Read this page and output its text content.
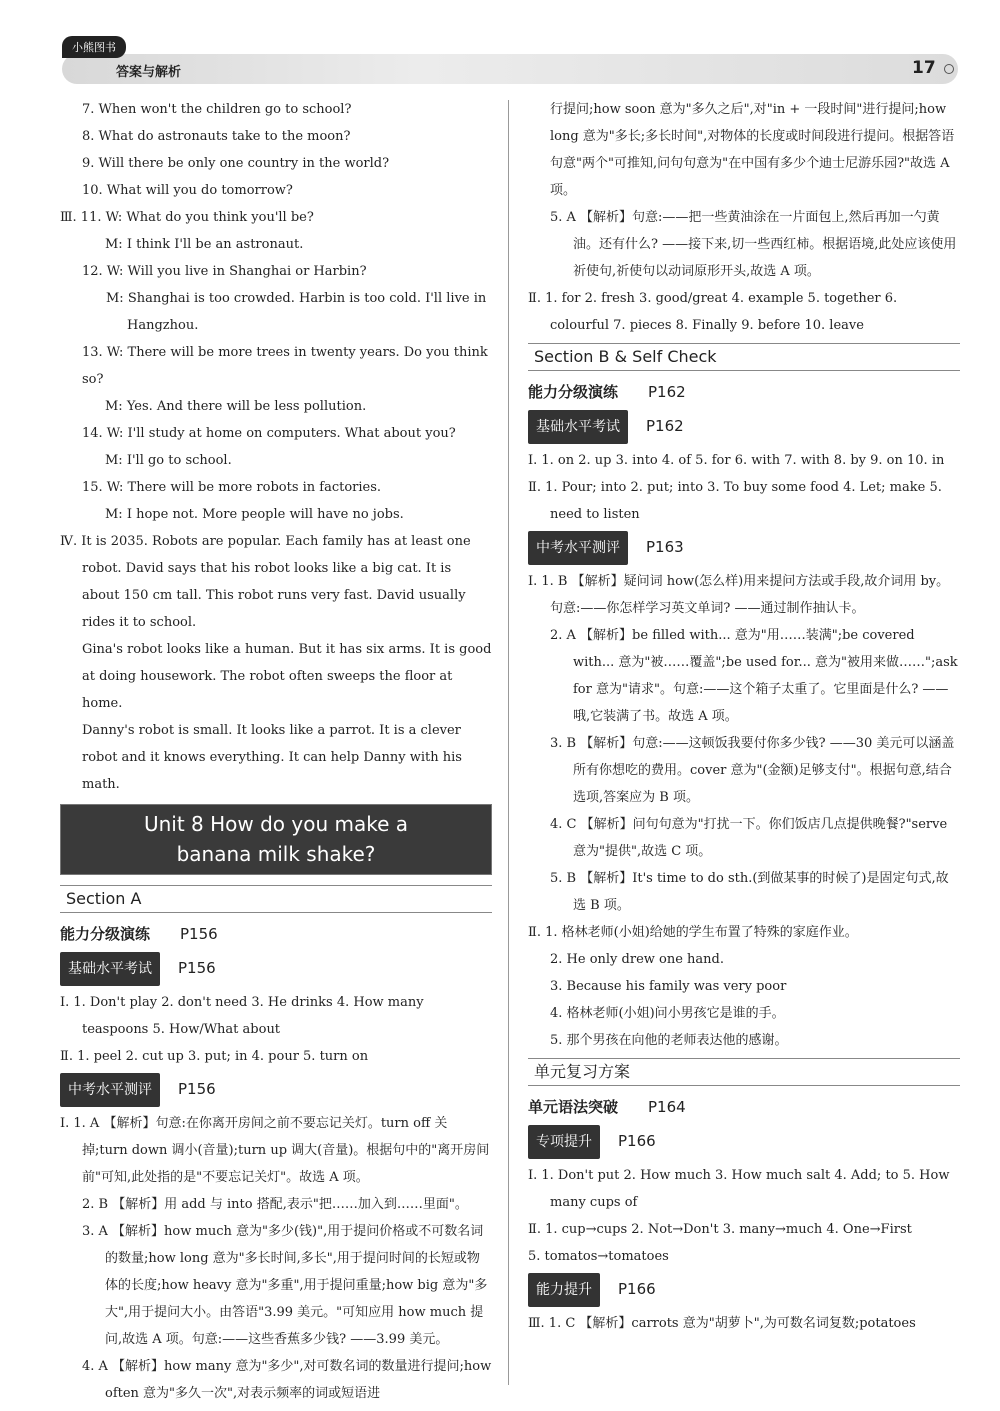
小熊图书
答案与解析	17
7. When won't the children go to school?
8. What do astronauts take to the moon?
9. Will there be only one country in the world?
10. What will you do tomorrow?
Ⅲ. 11. W: What do you think you'll be?
M: I think I'll be an astronaut.
12. W: Will you live in Shanghai or Harbin?
M: Shanghai is too crowded. Harbin is too cold. I'll live in Hangzhou.
13. W: There will be more trees in twenty years. Do you think so?
M: Yes. And there will be less pollution.
14. W: I'll study at home on computers. What about you?
M: I'll go to school.
15. W: There will be more robots in factories.
M: I hope not. More people will have no jobs.
Ⅳ. It is 2035. Robots are popular. Each family has at least one robot. David says that his robot looks like a big cat. It is about 150 cm tall. This robot runs very fast. David usually rides it to school.
Gina's robot looks like a human. But it has six arms. It is good at doing housework. The robot often sweeps the floor at home.
Danny's robot is small. It looks like a parrot. It is a clever robot and it knows everything. It can help Danny with his math.
Unit 8 How do you make a
banana milk shake?
Section A
能力分级演练 P156
基础水平考试 P156
Ⅰ. 1. Don't play 2. don't need 3. He drinks 4. How many teaspoons 5. How/What about
Ⅱ. 1. peel 2. cut up 3. put; in 4. pour 5. turn on
中考水平测评 P156
Ⅰ. 1. A 【解析】句意:在你离开房间之前不要忘记关灯。turn off 关掉;turn down 调小(音量);turn up 调大(音量)。根据句中的"离开房间前"可知,此处指的是"不要忘记关灯"。故选 A 项。
2. B 【解析】用 add 与 into 搭配,表示"把……加入到……里面"。
3. A 【解析】how much 意为"多少(钱)",用于提问价格或不可数名词的数量;how long 意为"多长时间,多长",用于提问时间的长短或物体的长度;how heavy 意为"多重",用于提问重量;how big 意为"多大",用于提问大小。由答语"3.99 美元。"可知应用 how much 提问,故选 A 项。句意:——这些香蕉多少钱? ——3.99 美元。
4. A 【解析】how many 意为"多少",对可数名词的数量进行提问;how often 意为"多久一次",对表示频率的词或短语进
行提问;how soon 意为"多久之后",对"in + 一段时间"进行提问;how long 意为"多长;多长时间",对物体的长度或时间段进行提问。根据答语句意"两个"可推知,问句句意为"在中国有多少个迪士尼游乐园?"故选 A 项。
5. A 【解析】句意:——把一些黄油涂在一片面包上,然后再加一勺黄油。还有什么? ——接下来,切一些西红柿。根据语境,此处应该使用祈使句,祈使句以动词原形开头,故选 A 项。
Ⅱ. 1. for 2. fresh 3. good/great 4. example 5. together 6. colourful 7. pieces 8. Finally 9. before 10. leave
Section B & Self Check
能力分级演练 P162
基础水平考试 P162
Ⅰ. 1. on 2. up 3. into 4. of 5. for 6. with 7. with 8. by 9. on 10. in
Ⅱ. 1. Pour; into 2. put; into 3. To buy some food 4. Let; make 5. need to listen
中考水平测评 P163
Ⅰ. 1. B 【解析】疑问词 how(怎么样)用来提问方法或手段,故介词用 by。句意:——你怎样学习英文单词? ——通过制作抽认卡。
2. A 【解析】be filled with... 意为"用……装满";be covered with... 意为"被……覆盖";be used for... 意为"被用来做……";ask for 意为"请求"。句意:——这个箱子太重了。它里面是什么? ——哦,它装满了书。故选 A 项。
3. B 【解析】句意:——这顿饭我要付你多少钱? ——30 美元可以涵盖所有你想吃的费用。cover 意为"(金额)足够支付"。根据句意,结合选项,答案应为 B 项。
4. C 【解析】问句句意为"打扰一下。你们饭店几点提供晚餐?"serve 意为"提供",故选 C 项。
5. B 【解析】It's time to do sth.(到做某事的时候了)是固定句式,故选 B 项。
Ⅱ. 1. 格林老师(小姐)给她的学生布置了特殊的家庭作业。
2. He only drew one hand.
3. Because his family was very poor
4. 格林老师(小姐)问小男孩它是谁的手。
5. 那个男孩在向他的老师表达他的感谢。
单元复习方案
单元语法突破 P164
专项提升 P166
Ⅰ. 1. Don't put 2. How much 3. How much salt 4. Add; to 5. How many cups of
Ⅱ. 1. cup→cups 2. Not→Don't 3. many→much 4. One→First
5. tomatos→tomatoes
能力提升 P166
Ⅲ. 1. C 【解析】carrots 意为"胡萝卜",为可数名词复数;potatoes
